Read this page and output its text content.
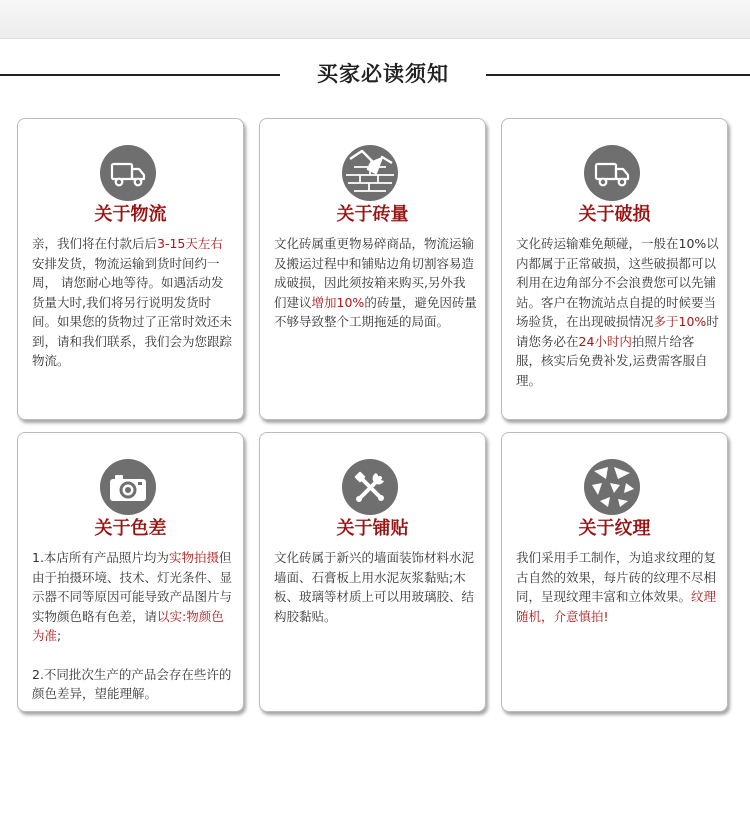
买家必读须知
关于物流
亲，我们将在付款后后3-15天左右安排发货，物流运输到货时间约一周， 请您耐心地等待。如遇活动发货量大时,我们将另行说明发货时间。如果您的货物过了正常时效还未到，请和我们联系，我们会为您跟踪物流。
关于砖量
文化砖属重更物易碎商品，物流运输及搬运过程中和铺贴边角切割容易造成破损，因此须按箱来购买,另外我们建议增加10%的砖量，避免因砖量不够导致整个工期拖延的局面。
关于破损
文化砖运输难免颠碰，一般在10%以内都属于正常破损，这些破损都可以利用在边角部分不会浪费您可以先铺站。客户在物流站点自提的时候要当场验货，在出现破损情况多于10%时请您务必在24小时内拍照片给客服，核实后免费补发,运费需客服自理。
关于色差

1.本店所有产品照片均为实物拍摄但由于拍摄环境、技术、灯光条件、显示器不同等原因可能导致产品图片与实物颜色略有色差，请以实:物颜色为准;

2.不同批次生产的产品会存在些许的颜色差异，望能理解。

关于铺贴
文化砖属于新兴的墙面装饰材料水泥墙面、石膏板上用水泥灰浆黏贴;木板、玻璃等材质上可以用玻璃胶、结构胶黏贴。
关于纹理
我们采用手工制作，为追求纹理的复古自然的效果，每片砖的纹理不尽相同，呈现纹理丰富和立体效果。纹理随机，介意慎拍!
